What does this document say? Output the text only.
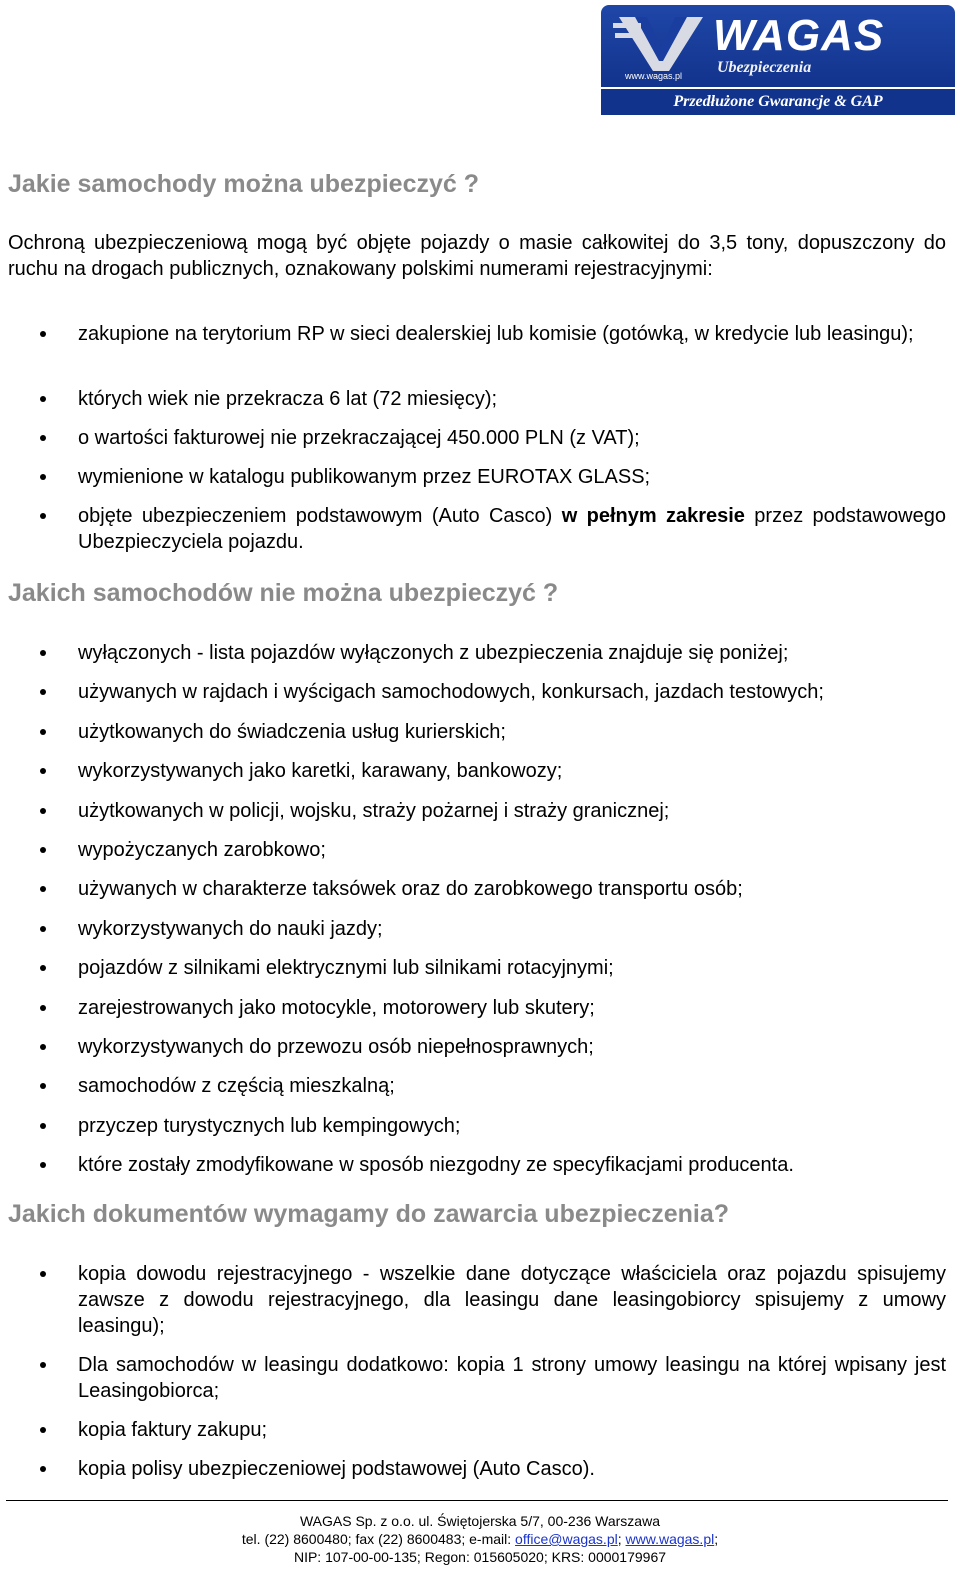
www.wagas.pl
WAGAS
Ubezpieczenia
Przedłużone Gwarancje & GAP
Jakie samochody można ubezpieczyć ?

Ochroną ubezpieczeniową mogą być objęte pojazdy o masie całkowitej do 3,5 tony, dopuszczony do ruchu na drogach publicznych, oznakowany polskimi numerami rejestracyjnymi:

zakupione na terytorium RP w sieci dealerskiej lub komisie (gotówką, w kredycie lub leasingu);
których wiek nie przekracza 6 lat (72 miesięcy);
o wartości fakturowej nie przekraczającej 450.000 PLN (z VAT);
wymienione w katalogu publikowanym przez EUROTAX GLASS;
objęte ubezpieczeniem podstawowym (Auto Casco) w pełnym zakresie przez podstawowego Ubezpieczyciela pojazdu.
Jakich samochodów nie można ubezpieczyć ?
wyłączonych - lista pojazdów wyłączonych z ubezpieczenia znajduje się poniżej;
używanych w rajdach i wyścigach samochodowych, konkursach, jazdach testowych;
użytkowanych do świadczenia usług kurierskich;
wykorzystywanych jako karetki, karawany, bankowozy;
użytkowanych w policji, wojsku, straży pożarnej i straży granicznej;
wypożyczanych zarobkowo;
używanych w charakterze taksówek oraz do zarobkowego transportu osób;
wykorzystywanych do nauki jazdy;
pojazdów z silnikami elektrycznymi lub silnikami rotacyjnymi;
zarejestrowanych jako motocykle, motorowery lub skutery;
wykorzystywanych do przewozu osób niepełnosprawnych;
samochodów z częścią mieszkalną;
przyczep turystycznych lub kempingowych;
które zostały zmodyfikowane w sposób niezgodny ze specyfikacjami producenta.
Jakich dokumentów wymagamy do zawarcia ubezpieczenia?
kopia dowodu rejestracyjnego - wszelkie dane dotyczące właściciela oraz pojazdu spisujemy zawsze z dowodu rejestracyjnego, dla leasingu dane leasingobiorcy spisujemy z umowy leasingu);
Dla samochodów w leasingu dodatkowo: kopia 1 strony umowy leasingu na której wpisany jest Leasingobiorca;
kopia faktury zakupu;
kopia polisy ubezpieczeniowej podstawowej (Auto Casco).
WAGAS Sp. z o.o. ul. Świętojerska 5/7, 00-236 Warszawa
tel. (22) 8600480; fax (22) 8600483; e-mail: office@wagas.pl; www.wagas.pl;
NIP: 107-00-00-135; Regon: 015605020; KRS: 0000179967
